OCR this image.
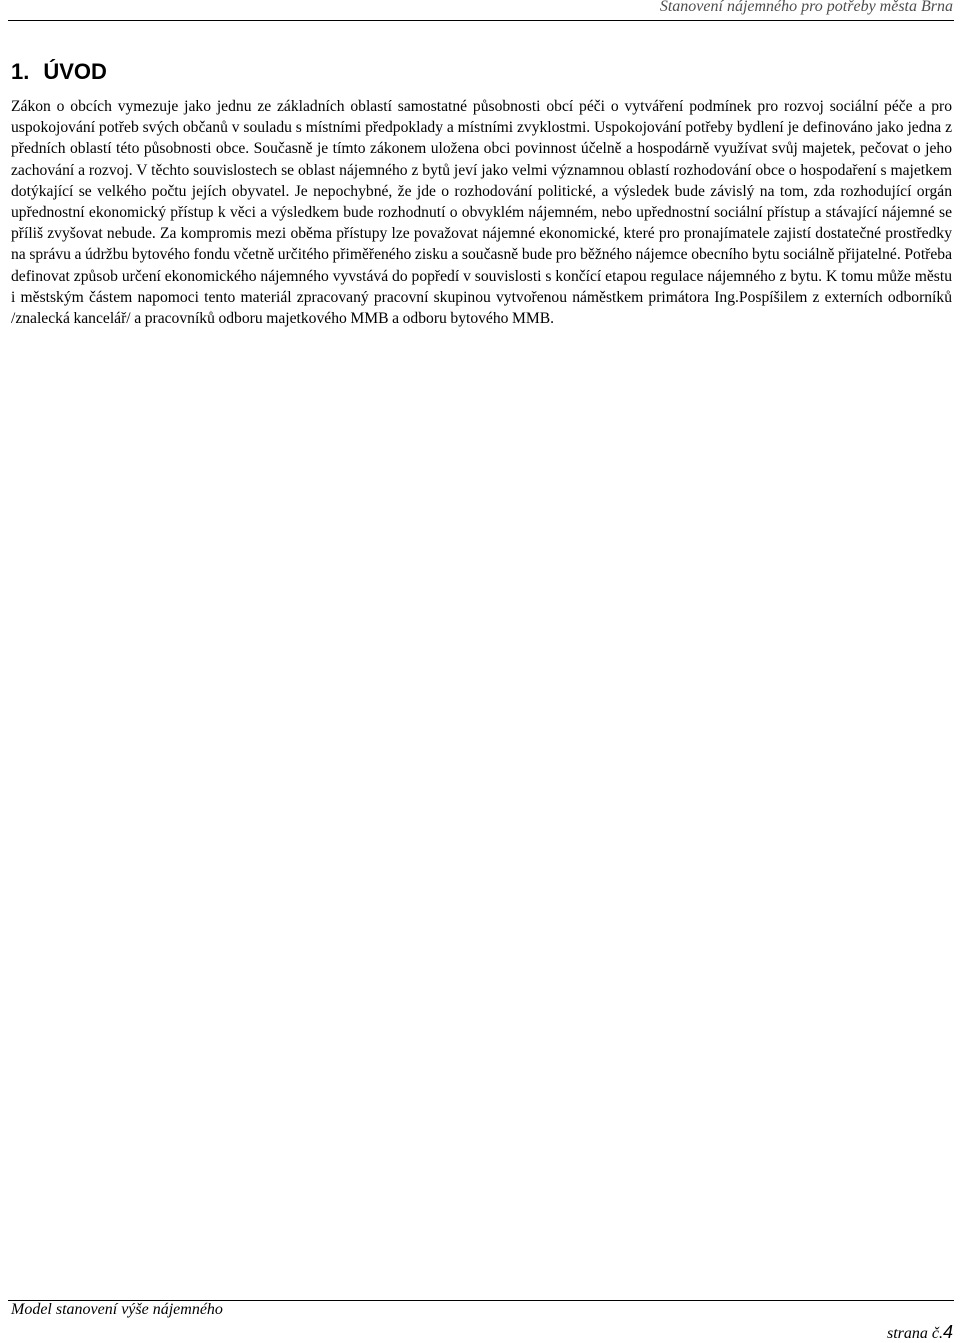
Stanovení nájemného pro potřeby města Brna
1. ÚVOD

Zákon o obcích vymezuje jako jednu ze základních oblastí samostatné působnosti obcí péči o vytváření podmínek pro rozvoj sociální péče a pro uspokojování potřeb svých občanů v souladu s místními předpoklady a místními zvyklostmi. Uspokojování potřeby bydlení je definováno jako jedna z předních oblastí této působnosti obce. Současně je tímto zákonem uložena obci povinnost účelně a hospodárně využívat svůj majetek, pečovat o jeho zachování a rozvoj. V těchto souvislostech se oblast nájemného z bytů jeví jako velmi významnou oblastí rozhodování obce o hospodaření s majetkem dotýkající se velkého počtu jejích obyvatel. Je nepochybné, že jde o rozhodování politické, a výsledek bude závislý na tom, zda rozhodující orgán upřednostní ekonomický přístup k věci a výsledkem bude rozhodnutí o obvyklém nájemném, nebo upřednostní sociální přístup a stávající nájemné se příliš zvyšovat nebude. Za kompromis mezi oběma přístupy lze považovat nájemné ekonomické, které pro pronajímatele zajistí dostatečné prostředky na správu a údržbu bytového fondu včetně určitého přiměřeného zisku a současně bude pro běžného nájemce obecního bytu sociálně přijatelné. Potřeba definovat způsob určení ekonomického nájemného vyvstává do popředí v souvislosti s končící etapou regulace nájemného z bytu. K tomu může městu i městským částem napomoci tento materiál zpracovaný pracovní skupinou vytvořenou náměstkem primátora Ing.Pospíšilem z externích odborníků /znalecká kancelář/ a pracovníků odboru majetkového MMB a odboru bytového MMB.

Model stanovení výše nájemného
strana č.4
